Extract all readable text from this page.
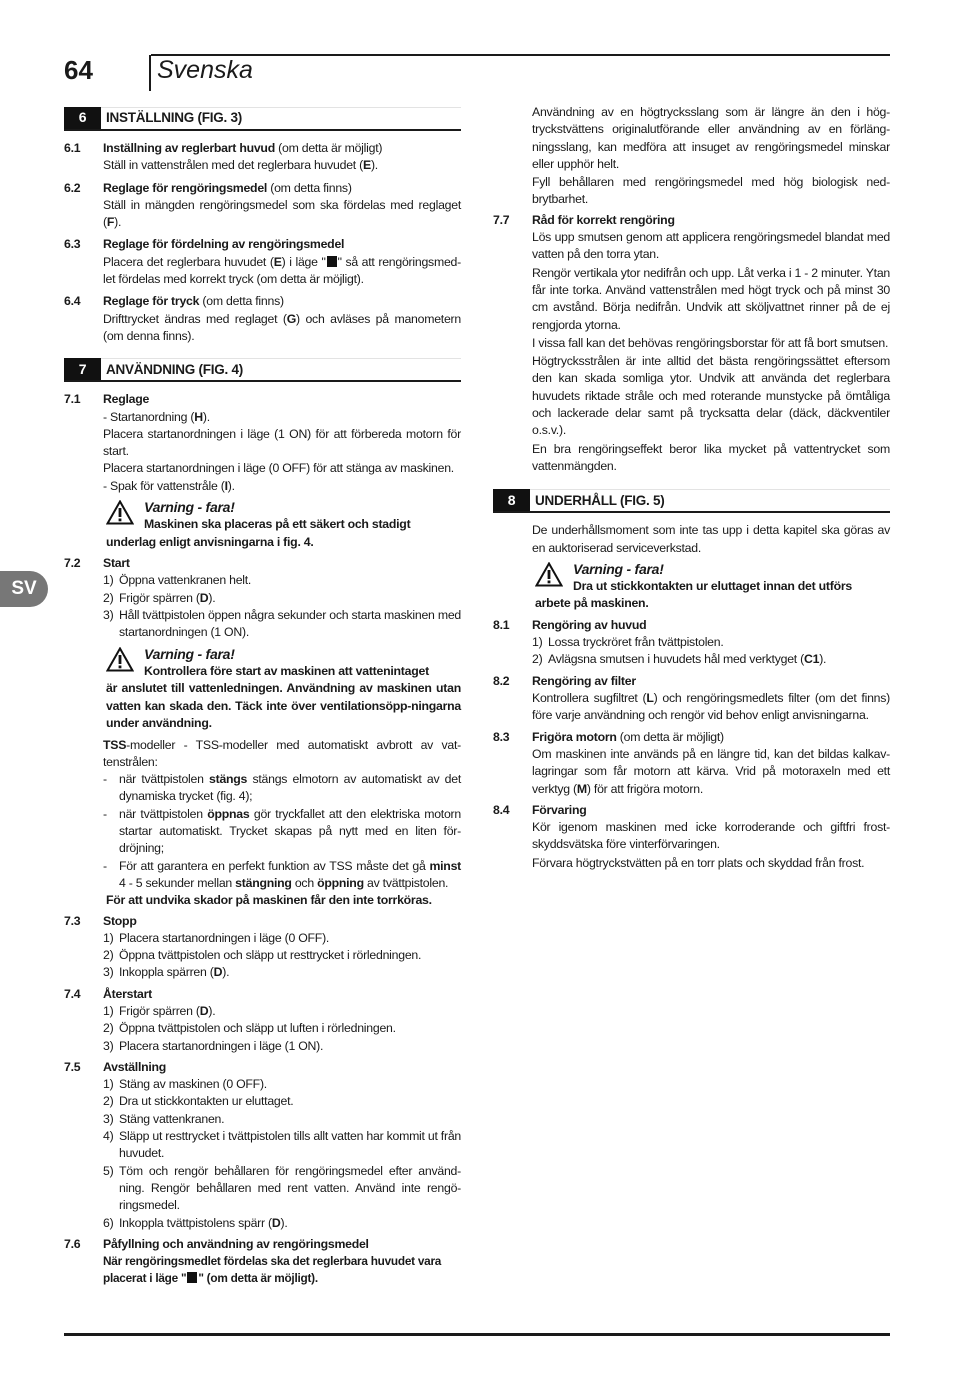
64	Svenska
SV
6	INSTÄLLNING (FIG. 3)
6.1	Inställning av reglerbart huvud (om detta är möjligt)
Ställ in vattenstrålen med det reglerbara huvudet (E).
6.2	Reglage för rengöringsmedel (om detta finns)
Ställ in mängden rengöringsmedel som ska fördelas med reglaget (F).
6.3	Reglage för fördelning av rengöringsmedel
Placera det reglerbara huvudet (E) i läge " " så att rengöringsmed-let fördelas med korrekt tryck (om detta är möjligt).
6.4	Reglage för tryck (om detta finns)
Drifttrycket ändras med reglaget (G) och avläses på manometern (om denna finns).
7	ANVÄNDNING (FIG. 4)
7.1	Reglage
- Startanordning (H).
Placera startanordningen i läge (1 ON) för att förbereda motorn för start.
Placera startanordningen i läge (0 OFF) för att stänga av maskinen.
- Spak för vattenstråle (I).
Varning - fara!
Maskinen ska placeras på ett säkert och stadigt
underlag enligt anvisningarna i fig. 4.
7.2	Start
1) Öppna vattenkranen helt.
2) Frigör spärren (D).
3) Håll tvättpistolen öppen några sekunder och starta maskinen med startanordningen (1 ON).
Varning - fara!
Kontrollera före start av maskinen att vattenintaget
är anslutet till vattenledningen. Användning av maskinen utan vatten kan skada den. Täck inte över ventilationsöpp-ningarna under användning.
TSS-modeller - TSS-modeller med automatiskt avbrott av vat-tenstrålen:
- när tvättpistolen stängs stängs elmotorn av automatiskt av det dynamiska trycket (fig. 4);
- när tvättpistolen öppnas gör tryckfallet att den elektriska motorn startar automatiskt. Trycket skapas på nytt med en liten för-dröjning;
- För att garantera en perfekt funktion av TSS måste det gå minst 4 - 5 sekunder mellan stängning och öppning av tvättpistolen.
För att undvika skador på maskinen får den inte torrköras.
7.3	Stopp
1) Placera startanordningen i läge (0 OFF).
2) Öppna tvättpistolen och släpp ut resttrycket i rörledningen.
3) Inkoppla spärren (D).
7.4	Återstart
1) Frigör spärren (D).
2) Öppna tvättpistolen och släpp ut luften i rörledningen.
3) Placera startanordningen i läge (1 ON).
7.5	Avställning
1) Stäng av maskinen (0 OFF).
2) Dra ut stickkontakten ur eluttaget.
3) Stäng vattenkranen.
4) Släpp ut resttrycket i tvättpistolen tills allt vatten har kommit ut från huvudet.
5) Töm och rengör behållaren för rengöringsmedel efter använd-ning. Rengör behållaren med rent vatten. Använd inte rengö-ringsmedel.
6) Inkoppla tvättpistolens spärr (D).
7.6	Påfyllning och användning av rengöringsmedel
När rengöringsmedlet fördelas ska det reglerbara huvudet vara placerat i läge " " (om detta är möjligt).
Användning av en högtrycksslang som är längre än den i hög-tryckstvättens originalutförande eller användning av en förläng-ningsslang, kan medföra att insuget av rengöringsmedel minskar eller upphör helt.
Fyll behållaren med rengöringsmedel med hög biologisk ned-brytbarhet.
7.7	Råd för korrekt rengöring
Lös upp smutsen genom att applicera rengöringsmedel blandat med vatten på den torra ytan.
Rengör vertikala ytor nedifrån och upp. Låt verka i 1 - 2 minuter. Ytan får inte torka. Använd vattenstrålen med högt tryck och på minst 30 cm avstånd. Börja nedifrån. Undvik att sköljvattnet rinner på de ej rengjorda ytorna.
I vissa fall kan det behövas rengöringsborstar för att få bort smutsen.
Högtrycksstrålen är inte alltid det bästa rengöringssättet eftersom den kan skada somliga ytor. Undvik att använda det reglerbara huvudets riktade stråle och med roterande munstycke på ömtåliga och lackerade delar samt på trycksatta delar (däck, däckventiler o.s.v.).
En bra rengöringseffekt beror lika mycket på vattentrycket som vattenmängden.
8	UNDERHÅLL (FIG. 5)
De underhållsmoment som inte tas upp i detta kapitel ska göras av en auktoriserad serviceverkstad.
Varning - fara!
Dra ut stickkontakten ur eluttaget innan det utförs
arbete på maskinen.
8.1	Rengöring av huvud
1) Lossa tryckröret från tvättpistolen.
2) Avlägsna smutsen i huvudets hål med verktyget (C1).
8.2	Rengöring av filter
Kontrollera sugfiltret (L) och rengöringsmedlets filter (om det finns) före varje användning och rengör vid behov enligt anvisningarna.
8.3	Frigöra motorn (om detta är möjligt)
Om maskinen inte används på en längre tid, kan det bildas kalkav-lagringar som får motorn att kärva. Vrid på motoraxeln med ett verktyg (M) för att frigöra motorn.
8.4	Förvaring
Kör igenom maskinen med icke korroderande och giftfri frost-skyddsvätska före vinterförvaringen.
Förvara högtryckstvätten på en torr plats och skyddad från frost.
